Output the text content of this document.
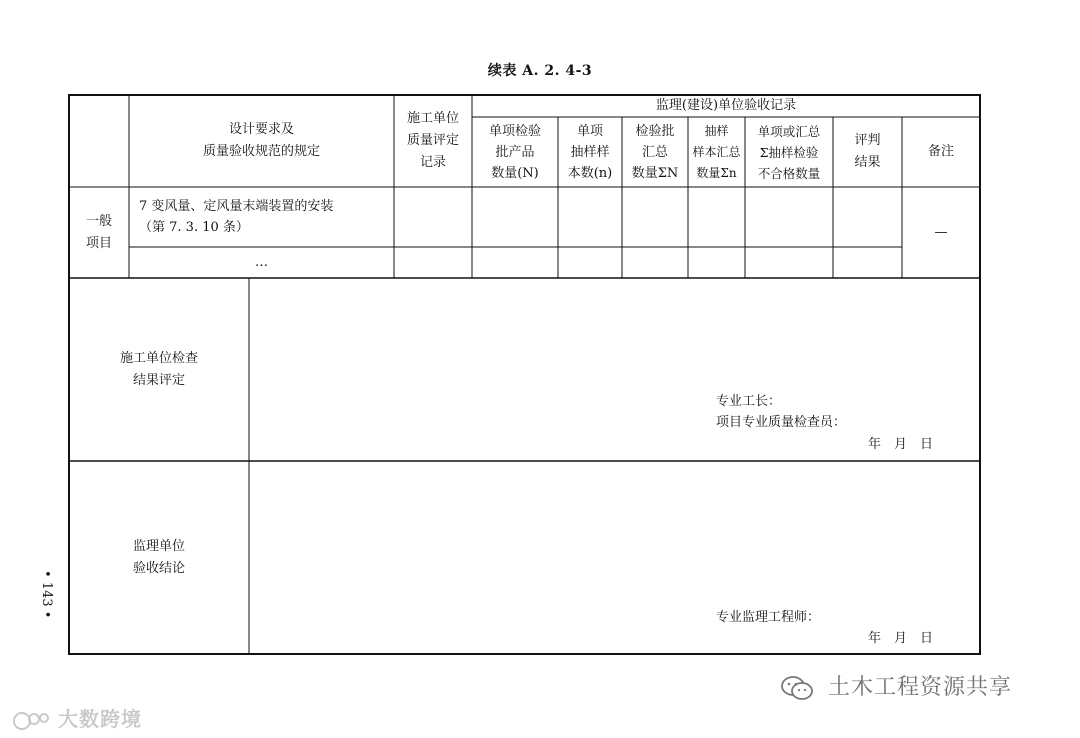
续表 A. 2. 4-3
设计要求及
质量验收规范的规定
施工单位
质量评定
记录
监理(建设)单位验收记录
单项检验
批产品
数量(N)
单项
抽样样
本数(n)
检验批
汇总
数量ΣN
抽样
样本汇总
数量Σn
单项或汇总
Σ抽样检验
不合格数量
评判
结果
备注
一般
项目
7 变风量、定风量末端装置的安装
（第 7. 3. 10 条）
…
—
施工单位检查
结果评定
专业工长：
项目专业质量检查员：
年　月　日
监理单位
验收结论
专业监理工程师：
年　月　日
• 143 •
大数跨境
土木工程资源共享
